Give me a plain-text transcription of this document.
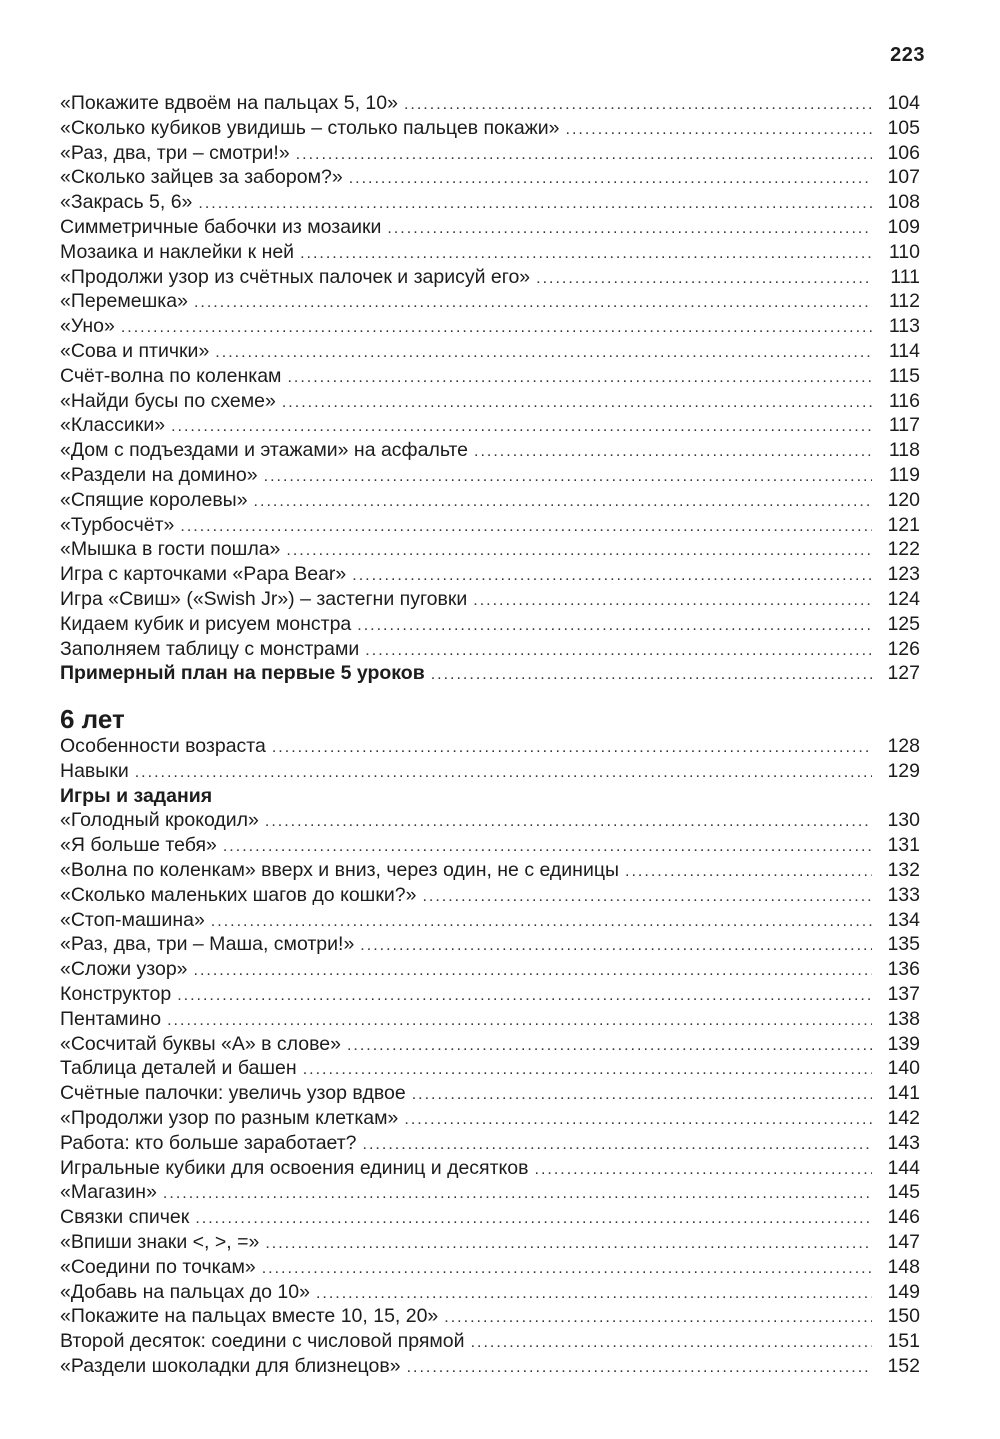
223
«Покажите вдвоём на пальцах 5, 10» .....	104
«Сколько кубиков увидишь – столько пальцев покажи» .....	105
«Раз, два, три – смотри!» .....	106
«Сколько зайцев за забором?» .....	107
«Закрась 5, 6» .....	108
Симметричные бабочки из мозаики .....	109
Мозаика и наклейки к ней .....	110
«Продолжи узор из счётных палочек и зарисуй его» .....	111
«Перемешка» .....	112
«Уно» .....	113
«Сова и птички» .....	114
Счёт-волна по коленкам .....	115
«Найди бусы по схеме» .....	116
«Классики» .....	117
«Дом с подъездами и этажами» на асфальте .....	118
«Раздели на домино» .....	119
«Спящие королевы» .....	120
«Турбосчёт» .....	121
«Мышка в гости пошла» .....	122
Игра с карточками «Papa Bear» .....	123
Игра «Свиш» («Swish Jr») – застегни пуговки .....	124
Кидаем кубик и рисуем монстра .....	125
Заполняем таблицу с монстрами .....	126
Примерный план на первые 5 уроков .....	127
6 лет
Особенности возраста .....	128
Навыки .....	129
Игры и задания
«Голодный крокодил» .....	130
«Я больше тебя» .....	131
«Волна по коленкам» вверх и вниз, через один, не с единицы .....	132
«Сколько маленьких шагов до кошки?» .....	133
«Стоп-машина» .....	134
«Раз, два, три – Маша, смотри!» .....	135
«Сложи узор» .....	136
Конструктор .....	137
Пентамино .....	138
«Сосчитай буквы «А» в слове» .....	139
Таблица деталей и башен .....	140
Счётные палочки: увеличь узор вдвое .....	141
«Продолжи узор по разным клеткам» .....	142
Работа: кто больше заработает? .....	143
Игральные кубики для освоения единиц и десятков .....	144
«Магазин» .....	145
Связки спичек .....	146
«Впиши знаки <, >, =» .....	147
«Соедини по точкам» .....	148
«Добавь на пальцах до 10» .....	149
«Покажите на пальцах вместе 10, 15, 20» .....	150
Второй десяток: соедини с числовой прямой .....	151
«Раздели шоколадки для близнецов» .....	152
